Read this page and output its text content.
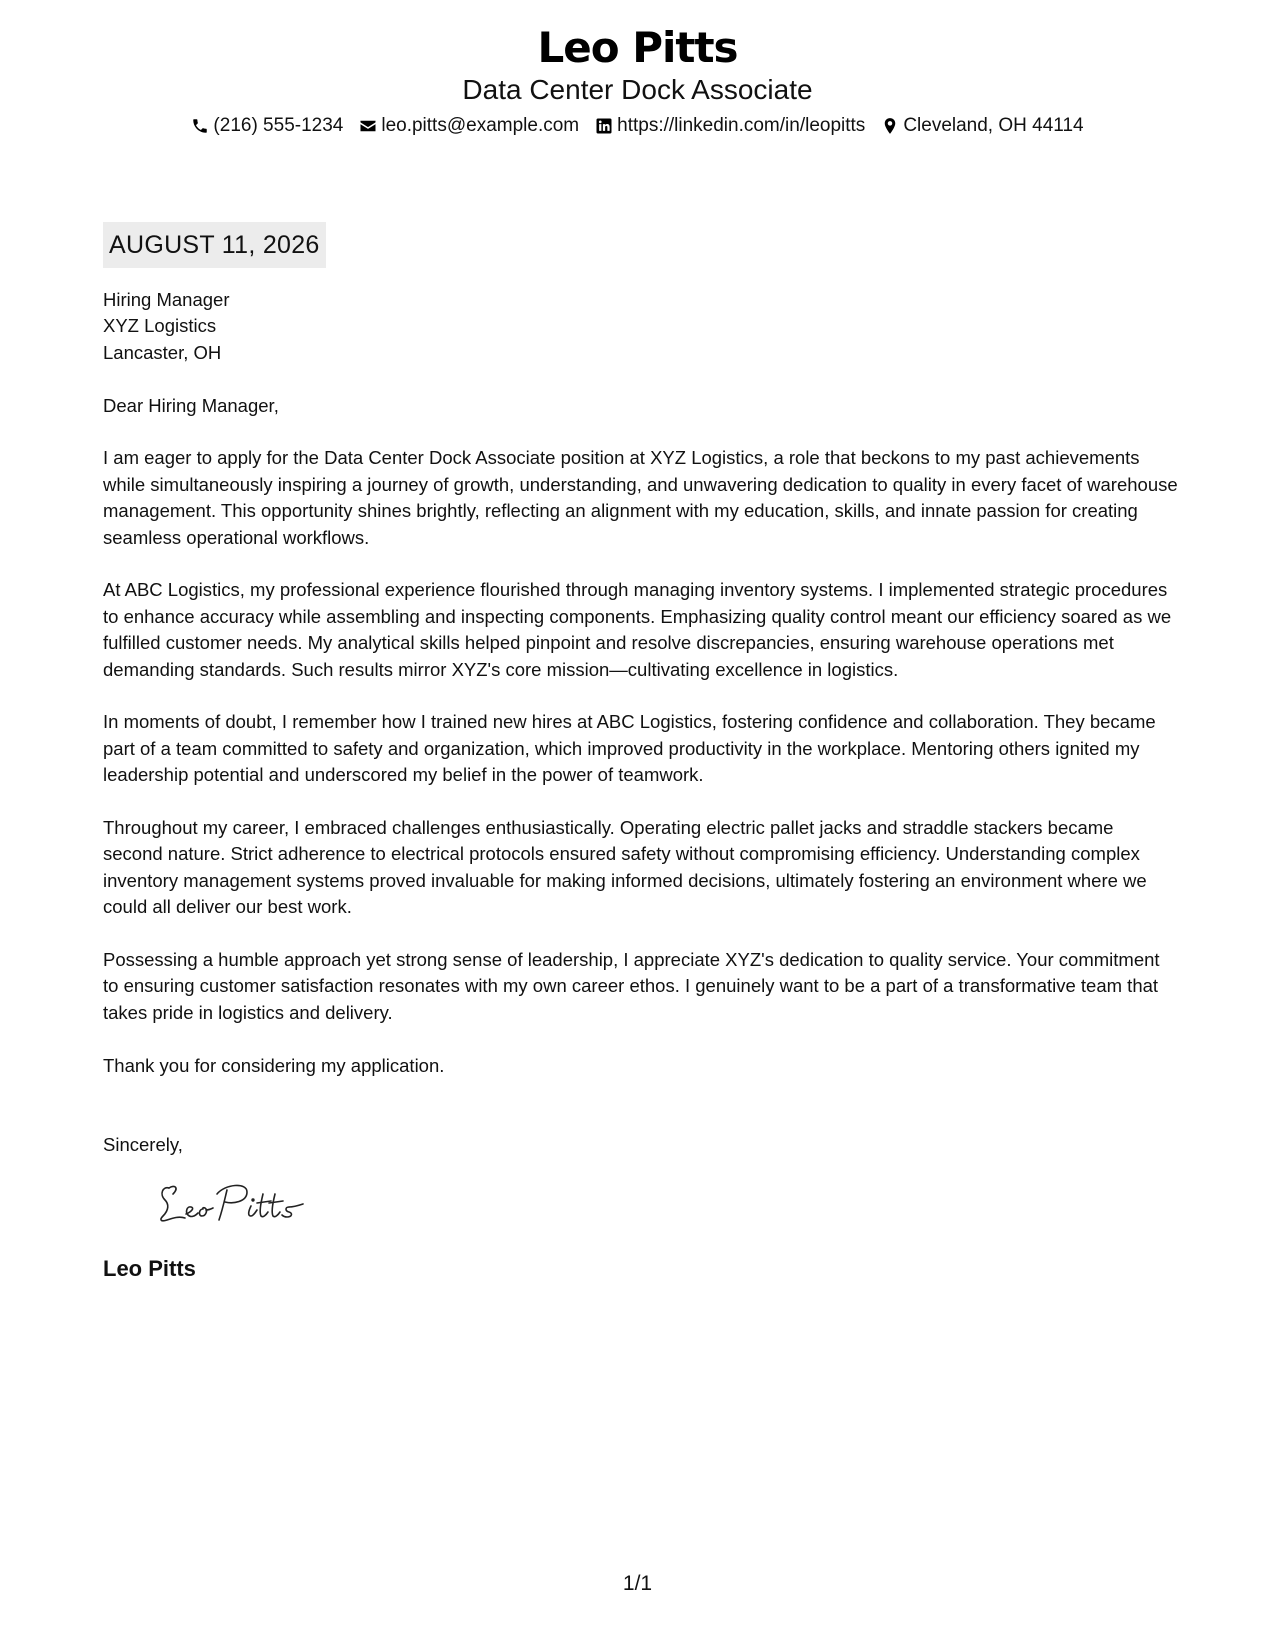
Leo Pitts
Data Center Dock Associate
(216) 555-1234 leo.pitts@example.com https://linkedin.com/in/leopitts Cleveland, OH 44114
AUGUST 11, 2026

Hiring Manager
XYZ Logistics
Lancaster, OH

Dear Hiring Manager,

I am eager to apply for the Data Center Dock Associate position at XYZ Logistics, a role that beckons to my past achievements while simultaneously inspiring a journey of growth, understanding, and unwavering dedication to quality in every facet of warehouse management. This opportunity shines brightly, reflecting an alignment with my education, skills, and innate passion for creating seamless operational workflows.

At ABC Logistics, my professional experience flourished through managing inventory systems. I implemented strategic procedures to enhance accuracy while assembling and inspecting components. Emphasizing quality control meant our efficiency soared as we fulfilled customer needs. My analytical skills helped pinpoint and resolve discrepancies, ensuring warehouse operations met demanding standards. Such results mirror XYZ's core mission—cultivating excellence in logistics.

In moments of doubt, I remember how I trained new hires at ABC Logistics, fostering confidence and collaboration. They became part of a team committed to safety and organization, which improved productivity in the workplace. Mentoring others ignited my leadership potential and underscored my belief in the power of teamwork.

Throughout my career, I embraced challenges enthusiastically. Operating electric pallet jacks and straddle stackers became second nature. Strict adherence to electrical protocols ensured safety without compromising efficiency. Understanding complex inventory management systems proved invaluable for making informed decisions, ultimately fostering an environment where we could all deliver our best work.

Possessing a humble approach yet strong sense of leadership, I appreciate XYZ's dedication to quality service. Your commitment to ensuring customer satisfaction resonates with my own career ethos. I genuinely want to be a part of a transformative team that takes pride in logistics and delivery.

Thank you for considering my application.

Sincerely,
Leo Pitts
1/1
